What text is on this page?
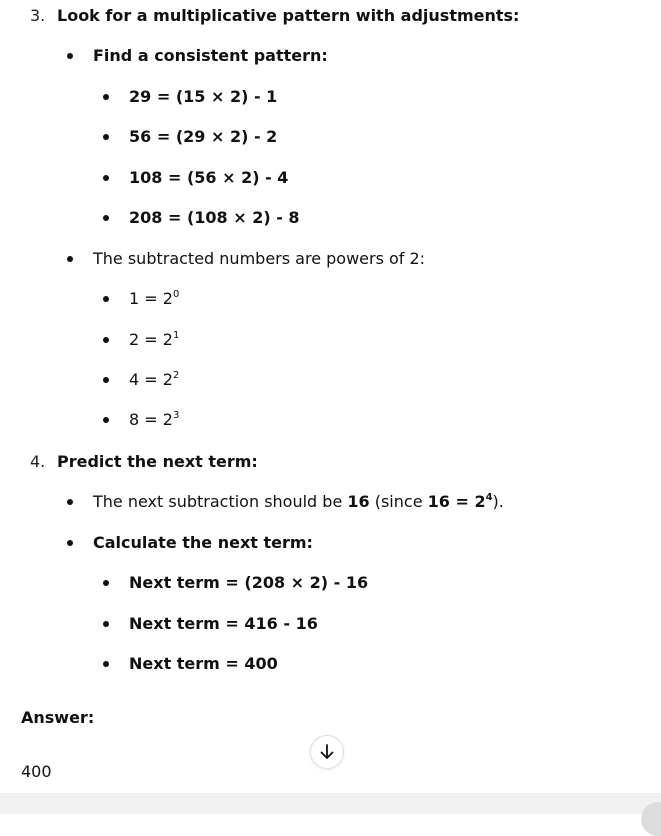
3. Look for a multiplicative pattern with adjustments:
Find a consistent pattern:
29 = (15 × 2) - 1
56 = (29 × 2) - 2
108 = (56 × 2) - 4
208 = (108 × 2) - 8
The subtracted numbers are powers of 2:
$1 = 2^0$
$2 = 2^1$
$4 = 2^2$
$8 = 2^3$
4. Predict the next term:
The next subtraction should be 16 (since $16 = 2^4$).
Calculate the next term:
Next term = (208 × 2) - 16
Next term = 416 - 16
Next term = 400
Answer:
400
